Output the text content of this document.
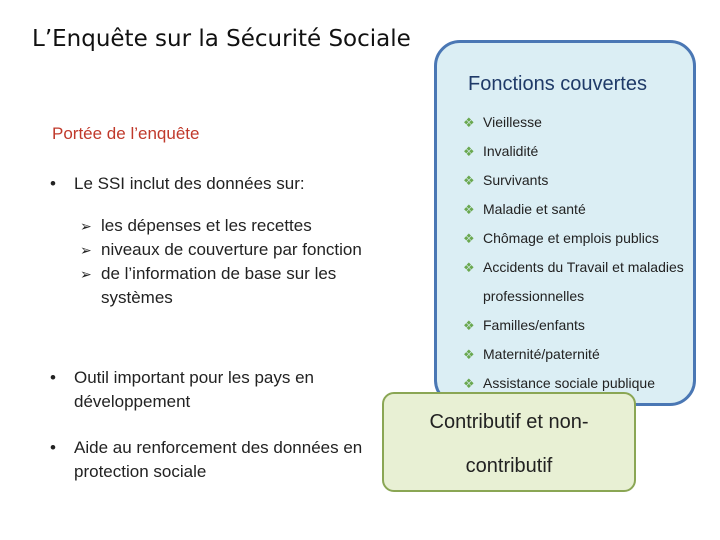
L’Enquête sur la Sécurité Sociale
Portée de l’enquête
•	Le SSI inclut des données sur:
➢ les dépenses et les recettes
➢ niveaux de couverture par fonction
➢ de l’information de base sur les systèmes
•	Outil important pour les pays en développement
•	Aide au renforcement des données en protection sociale
Fonctions couvertes
❖ Vieillesse
❖ Invalidité
❖ Survivants
❖ Maladie et santé
❖ Chômage et emplois publics
❖ Accidents du Travail et maladies professionnelles
❖ Familles/enfants
❖ Maternité/paternité
❖ Assistance sociale publique
Contributif et non-
contributif
